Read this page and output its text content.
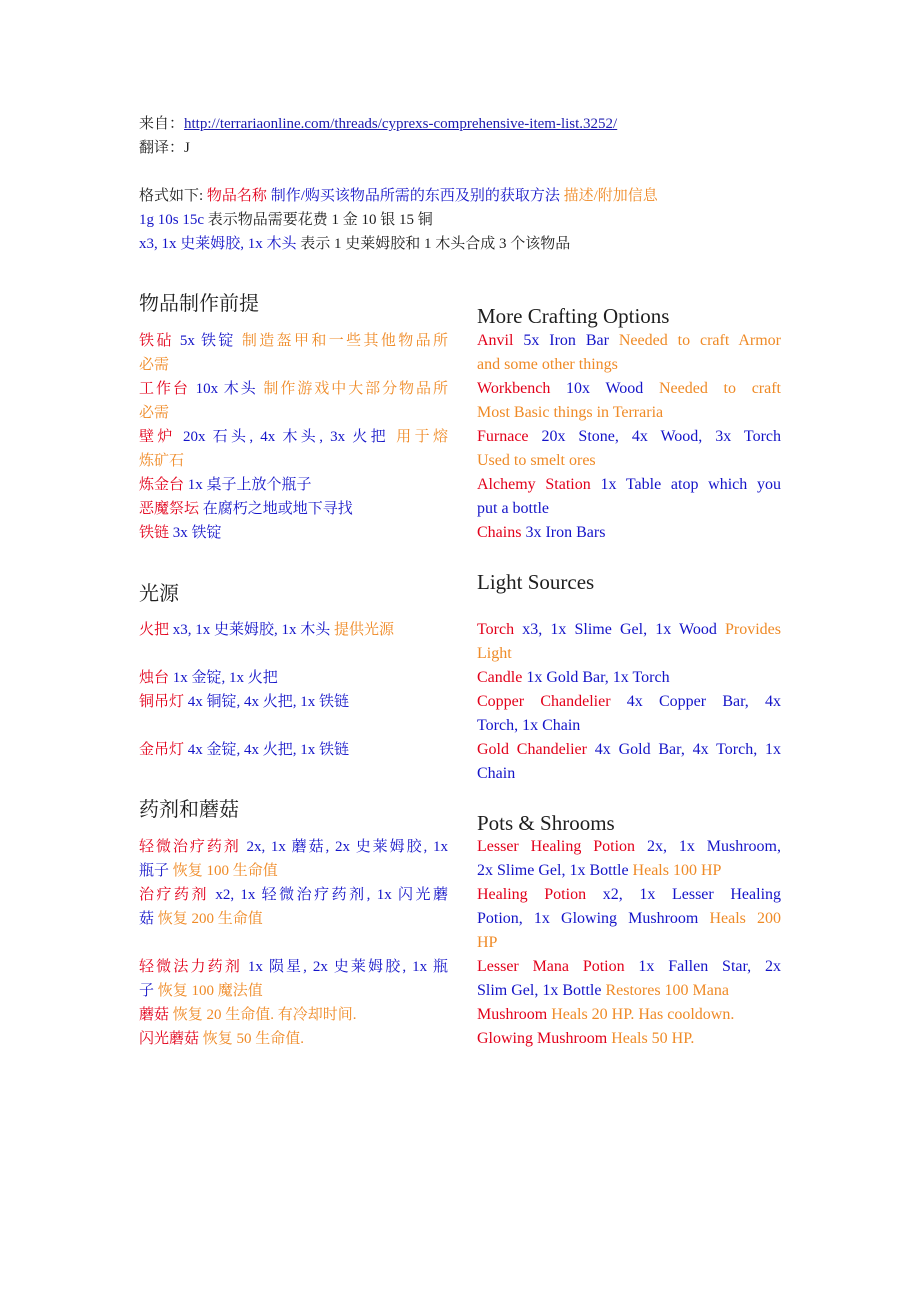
来自：http://terrariaonline.com/threads/cyprexs-comprehensive-item-list.3252/
翻译：J
格式如下: 物品名称 制作/购买该物品所需的东西及别的获取方法 描述/附加信息
1g 10s 15c 表示物品需要花费 1 金 10 银 15 铜
x3, 1x 史莱姆胶, 1x 木头 表示 1 史莱姆胶和 1 木头合成 3 个该物品
物品制作前提
铁砧 5x 铁锭 制造盔甲和一些其他物品所
必需
工作台 10x 木头 制作游戏中大部分物品所
必需
壁炉 20x 石头, 4x 木头, 3x 火把 用于熔
炼矿石
炼金台 1x 桌子上放个瓶子
恶魔祭坛 在腐朽之地或地下寻找
铁链 3x 铁锭
光源
火把 x3, 1x 史莱姆胶, 1x 木头 提供光源
烛台 1x 金锭, 1x 火把
铜吊灯 4x 铜锭, 4x 火把, 1x 铁链
金吊灯 4x 金锭, 4x 火把, 1x 铁链
药剂和蘑菇
轻微治疗药剂 2x, 1x 蘑菇, 2x 史莱姆胶, 1x
瓶子 恢复 100 生命值
治疗药剂 x2, 1x 轻微治疗药剂, 1x 闪光蘑
菇 恢复 200 生命值
轻微法力药剂 1x 陨星, 2x 史莱姆胶, 1x 瓶
子 恢复 100 魔法值
蘑菇 恢复 20 生命值. 有冷却时间.
闪光蘑菇 恢复 50 生命值.
More Crafting Options
Anvil 5x Iron Bar Needed to craft Armor
and some other things
Workbench 10x Wood Needed to craft
Most Basic things in Terraria
Furnace 20x Stone, 4x Wood, 3x Torch
Used to smelt ores
Alchemy Station 1x Table atop which you
put a bottle
Chains 3x Iron Bars
Light Sources
Torch x3, 1x Slime Gel, 1x Wood Provides
Light
Candle 1x Gold Bar, 1x Torch
Copper Chandelier 4x Copper Bar, 4x
Torch, 1x Chain
Gold Chandelier 4x Gold Bar, 4x Torch, 1x
Chain
Pots & Shrooms
Lesser Healing Potion 2x, 1x Mushroom,
2x Slime Gel, 1x Bottle Heals 100 HP
Healing Potion x2, 1x Lesser Healing
Potion, 1x Glowing Mushroom Heals 200
HP
Lesser Mana Potion 1x Fallen Star, 2x
Slim Gel, 1x Bottle Restores 100 Mana
Mushroom Heals 20 HP. Has cooldown.
Glowing Mushroom Heals 50 HP.
